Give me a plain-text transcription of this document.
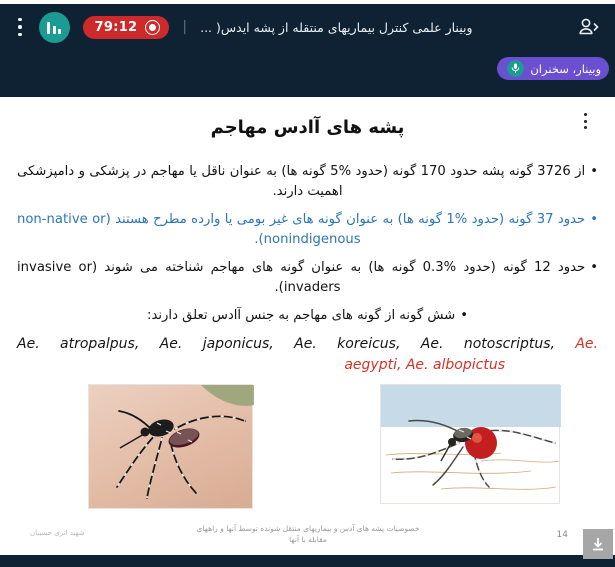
79:12	| وبینار علمی کنترل بیماریهای منتقله از پشه ایدس( ...
وبینار، سخنران
پشه های آادس مهاجم
•از 3726 گونه پشه حدود 170 گونه (حدود %5 گونه ها) به عنوان ناقل یا مهاجم در پزشکی و دامپزشکی اهمیت دارند.
•حدود 37 گونه (حدود %1 گونه ها) به عنوان گونه های غیر بومی یا وارده مطرح هستند (non-native or nonindigenous).
•حدود 12 گونه (حدود %0.3 گونه ها) به عنوان گونه های مهاجم شناخته می شوند (invasive or invaders).
•شش گونه از گونه های مهاجم به جنس آادس تعلق دارند:
Ae. atropalpus, Ae. japonicus, Ae. koreicus, Ae. notoscriptus, Ae.
aegypti, Ae. albopictus
شهید اترى حسبیان	خصوصیات پشه های آدس و بیماریهای منتقل شونده توسط آنها و راههای مقابله با آنها	14
